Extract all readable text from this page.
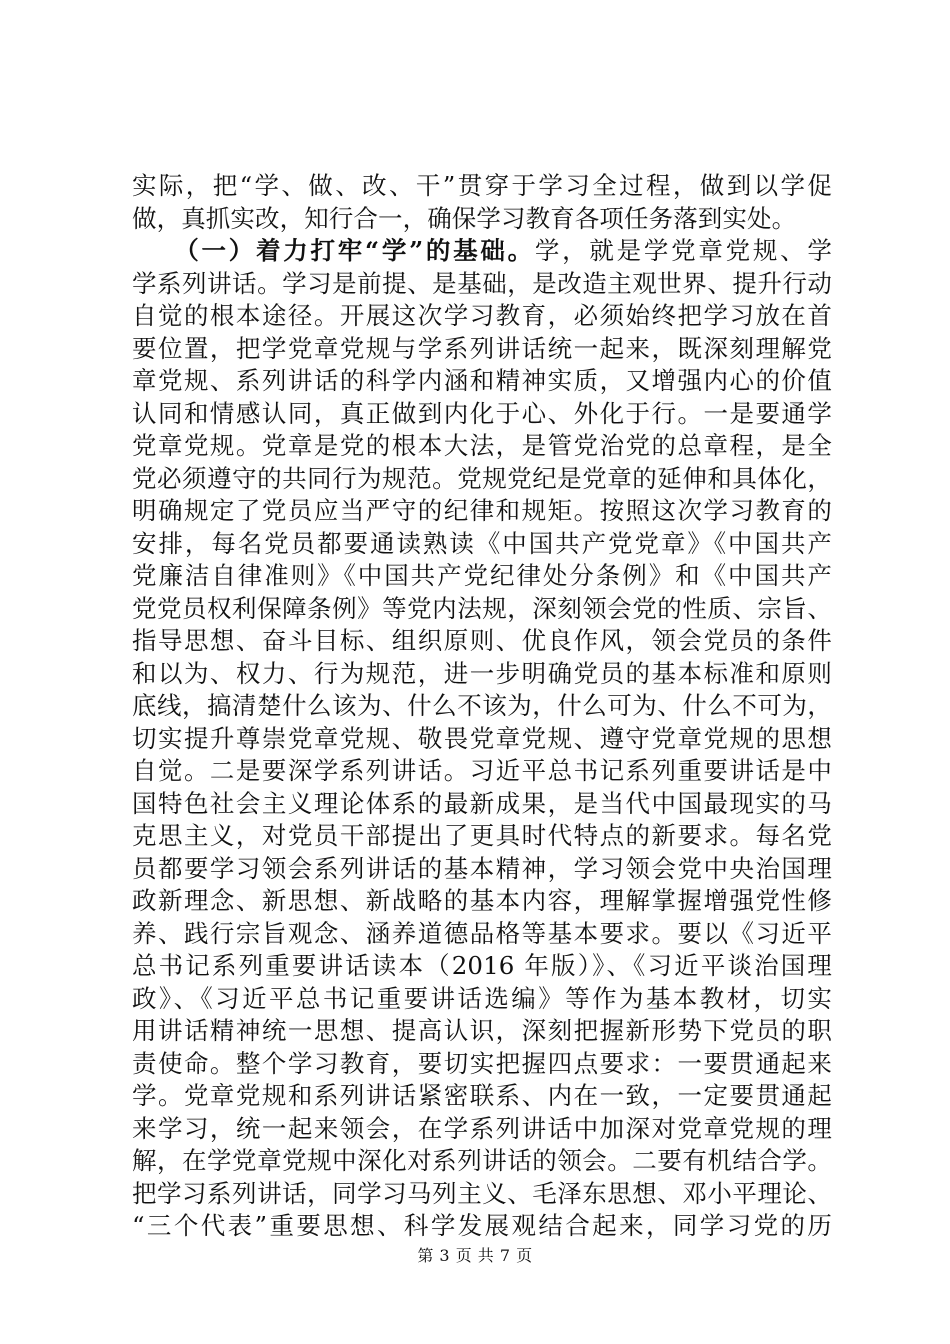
实际，把“学、做、改、干”贯穿于学习全过程，做到以学促
做，真抓实改，知行合一，确保学习教育各项任务落到实处。
　　（一）着力打牢“学”的基础。学，就是学党章党规、学
学系列讲话。学习是前提、是基础，是改造主观世界、提升行动
自觉的根本途径。开展这次学习教育，必须始终把学习放在首
要位置，把学党章党规与学系列讲话统一起来，既深刻理解党
章党规、系列讲话的科学内涵和精神实质，又增强内心的价值
认同和情感认同，真正做到内化于心、外化于行。一是要通学
党章党规。党章是党的根本大法，是管党治党的总章程，是全
党必须遵守的共同行为规范。党规党纪是党章的延伸和具体化，
明确规定了党员应当严守的纪律和规矩。按照这次学习教育的
安排，每名党员都要通读熟读《中国共产党党章》《中国共产
党廉洁自律准则》《中国共产党纪律处分条例》和《中国共产
党党员权利保障条例》等党内法规，深刻领会党的性质、宗旨、
指导思想、奋斗目标、组织原则、优良作风，领会党员的条件
和以为、权力、行为规范，进一步明确党员的基本标准和原则
底线，搞清楚什么该为、什么不该为，什么可为、什么不可为，
切实提升尊崇党章党规、敬畏党章党规、遵守党章党规的思想
自觉。二是要深学系列讲话。习近平总书记系列重要讲话是中
国特色社会主义理论体系的最新成果，是当代中国最现实的马
克思主义，对党员干部提出了更具时代特点的新要求。每名党
员都要学习领会系列讲话的基本精神，学习领会党中央治国理
政新理念、新思想、新战略的基本内容，理解掌握增强党性修
养、践行宗旨观念、涵养道德品格等基本要求。要以《习近平
总书记系列重要讲话读本（2016 年版）》、《习近平谈治国理
政》、《习近平总书记重要讲话选编》等作为基本教材，切实
用讲话精神统一思想、提高认识，深刻把握新形势下党员的职
责使命。整个学习教育，要切实把握四点要求：一要贯通起来
学。党章党规和系列讲话紧密联系、内在一致，一定要贯通起
来学习，统一起来领会，在学系列讲话中加深对党章党规的理
解，在学党章党规中深化对系列讲话的领会。二要有机结合学。
把学习系列讲话，同学习马列主义、毛泽东思想、邓小平理论、
“三个代表”重要思想、科学发展观结合起来，同学习党的历
第 3 页 共 7 页
